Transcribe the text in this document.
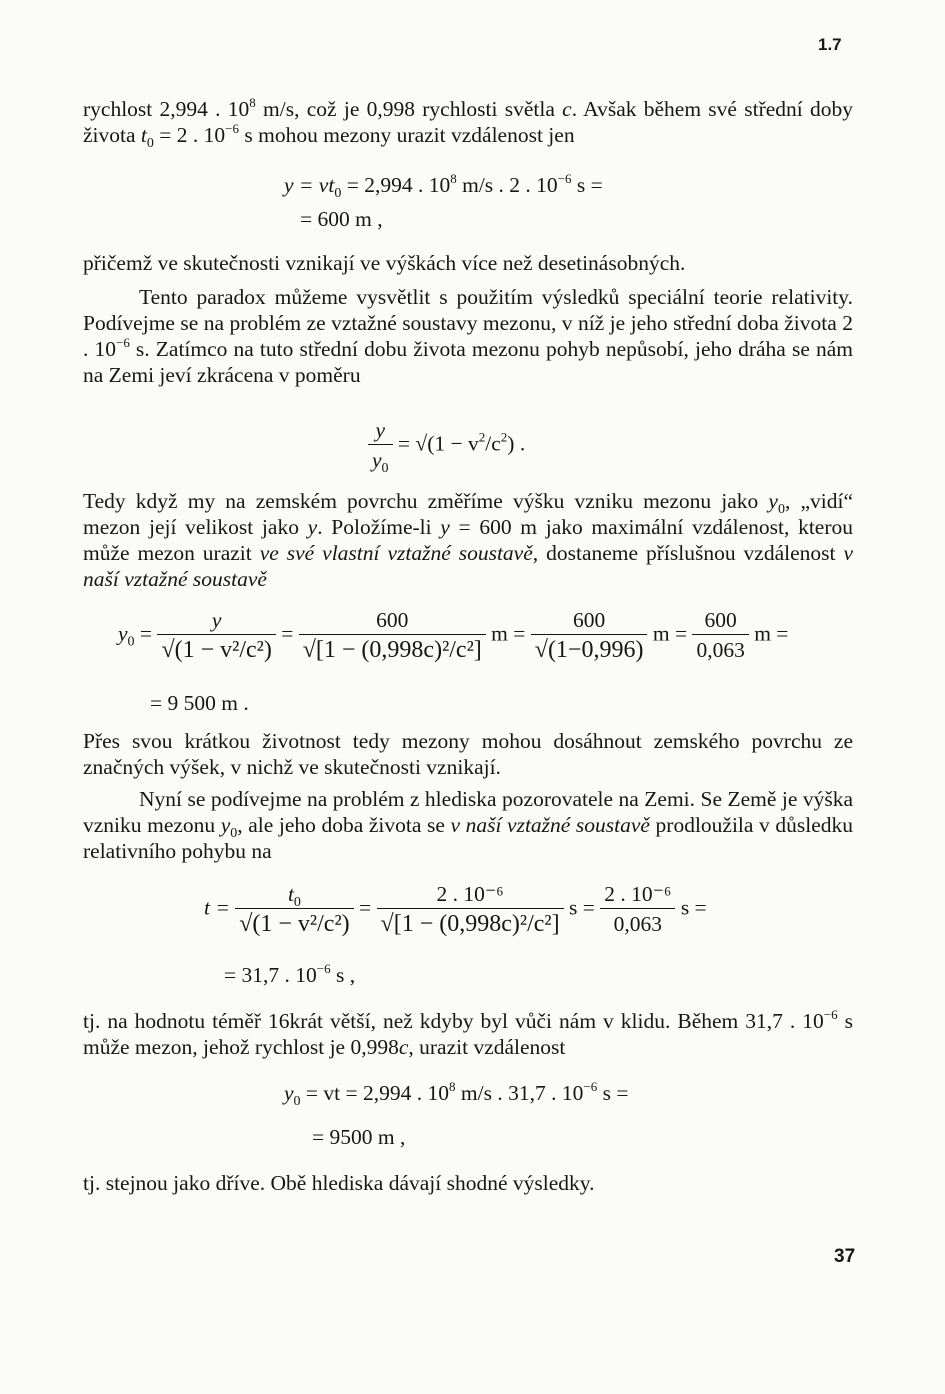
1.7

rychlost 2,994 . $10^8$ m/s, což je 0,998 rychlosti světla c. Avšak během své střední doby života $t_0 = 2$ . $10^{-6}$ s mohou mezony urazit vzdálenost jen

$y = vt_0 = 2,994$ . $10^8$ m/s . 2 . $10^{-6}$ s =
= 600 m ,

přičemž ve skutečnosti vznikají ve výškách více než desetinásobných.

Tento paradox můžeme vysvětlit s použitím výsledků speciální teorie relativity. Podívejme se na problém ze vztažné soustavy mezonu, v níž je jeho střední doba života 2 . $10^{-6}$ s. Zatímco na tuto střední dobu života mezonu pohyb nepůsobí, jeho dráha se nám na Zemi jeví zkrácena v poměru

$\frac{y}{y_0} = √(1 - v^2/c^2)$ .

Tedy když my na zemském povrchu změříme výšku vzniku mezonu jako $y_0$, „vidí“ mezon její velikost jako y. Položíme-li y = 600 m jako maximální vzdálenost, kterou může mezon urazit ve své vlastní vztažné soustavě, dostaneme příslušnou vzdálenost v naší vztažné soustavě

$y_0 = \frac{y}{\text{√(1 − v²/c²)}} = \frac{600}{\text{√[1 − (0,998c)²/c²]}}$ $m = \frac{600}{√(1-0,996)}$ $m = \frac{600}{0,063}$ m =
= 9 500 m .

Přes svou krátkou životnost tedy mezony mohou dosáhnout zemského povrchu ze značných výšek, v nichž ve skutečnosti vznikají.

Nyní se podívejme na problém z hlediska pozorovatele na Zemi. Se Země je výška vzniku mezonu $y_0$, ale jeho doba života se v naší vztažné soustavě prodloužila v důsledku relativního pohybu na

$t = \frac{t_0}{\text{√(1 − v²/c²)}} = \frac{\text{2 . 10⁻⁶}}{\text{√[1 − (0,998c)²/c²]}}$ $s = \frac{\text{2 . 10⁻⁶}}{0,063}$ s =
= 31,7 . $10^{-6}$ s ,

tj. na hodnotu téměř 16krát větší, než kdyby byl vůči nám v klidu. Během 31,7 . $10^{-6}$ s může mezon, jehož rychlost je 0,998c, urazit vzdálenost

$y_0$ = vt = 2,994 . $10^8$ m/s . 31,7 . $10^{-6}$ s =
= 9500 m ,

tj. stejnou jako dříve. Obě hlediska dávají shodné výsledky.

37
